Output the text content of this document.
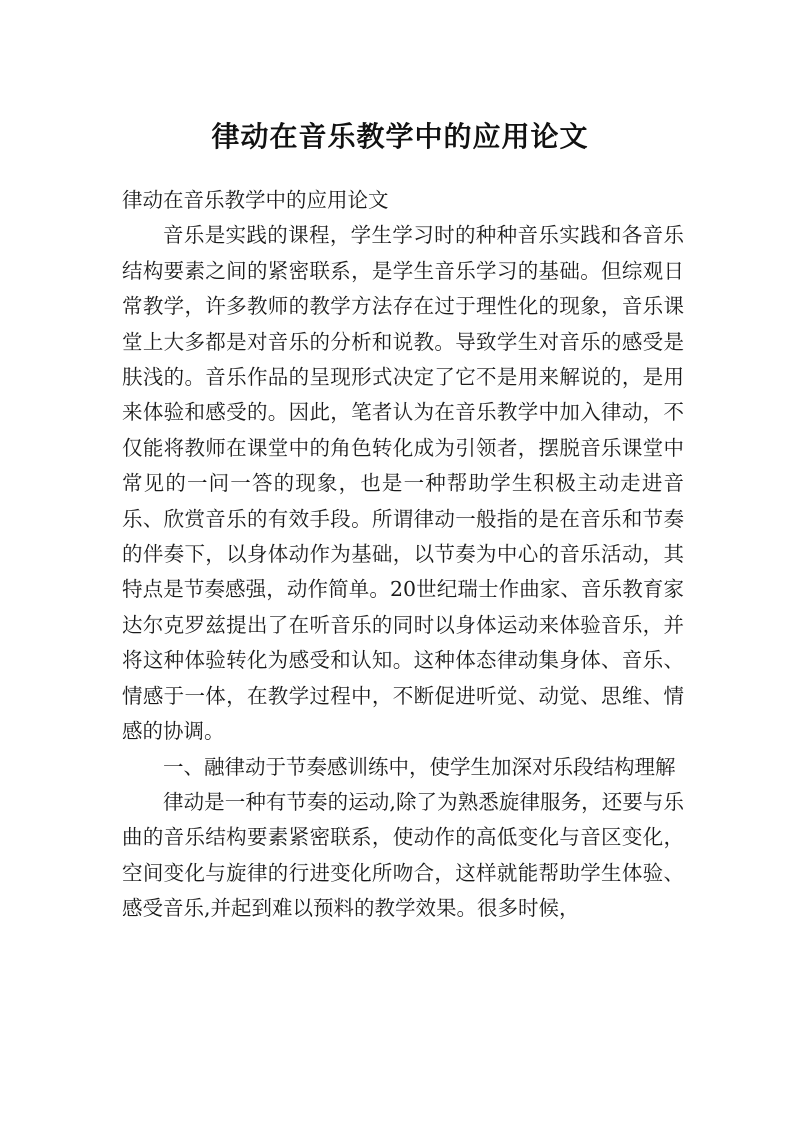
律动在音乐教学中的应用论文

律动在音乐教学中的应用论文

音乐是实践的课程，学生学习时的种种音乐实践和各音乐结构要素之间的紧密联系，是学生音乐学习的基础。但综观日常教学，许多教师的教学方法存在过于理性化的现象，音乐课堂上大多都是对音乐的分析和说教。导致学生对音乐的感受是肤浅的。音乐作品的呈现形式决定了它不是用来解说的，是用来体验和感受的。因此，笔者认为在音乐教学中加入律动，不仅能将教师在课堂中的角色转化成为引领者，摆脱音乐课堂中常见的一问一答的现象，也是一种帮助学生积极主动走进音乐、欣赏音乐的有效手段。所谓律动一般指的是在音乐和节奏的伴奏下，以身体动作为基础，以节奏为中心的音乐活动，其特点是节奏感强，动作简单。20世纪瑞士作曲家、音乐教育家达尔克罗兹提出了在听音乐的同时以身体运动来体验音乐，并将这种体验转化为感受和认知。这种体态律动集身体、音乐、情感于一体，在教学过程中，不断促进听觉、动觉、思维、情感的协调。

一、融律动于节奏感训练中，使学生加深对乐段结构理解

律动是一种有节奏的运动,除了为熟悉旋律服务，还要与乐曲的音乐结构要素紧密联系，使动作的高低变化与音区变化，空间变化与旋律的行进变化所吻合，这样就能帮助学生体验、感受音乐,并起到难以预料的教学效果。很多时候，
